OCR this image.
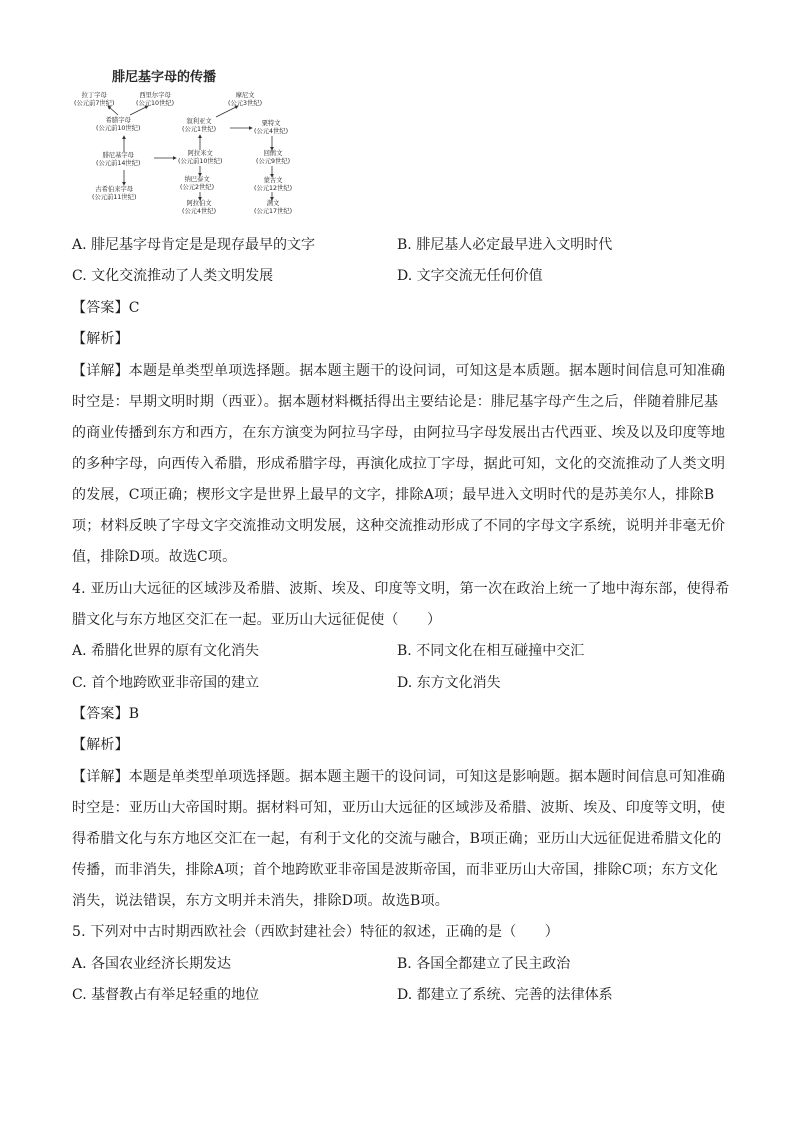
腓尼基字母的传播
拉丁字母
(公元前7世纪)
西里尔字母
(公元10世纪)
摩尼文
(公元3世纪)
希腊字母
(公元前10世纪)
叙利亚文
(公元1世纪)
粟特文
(公元4世纪)
腓尼基字母
(公元前14世纪)
阿拉米文
(公元前10世纪)
回鹘文
(公元9世纪)
纳巴泰文
(公元2世纪)
蒙古文
(公元12世纪)
古希伯来字母
(公元前11世纪)
阿拉伯文
(公元4世纪)
满文
(公元17世纪)
A. 腓尼基字母肯定是是现存最早的文字	B. 腓尼基人必定最早进入文明时代
C. 文化交流推动了人类文明发展	D. 文字交流无任何价值
【答案】C
【解析】
【详解】本题是单类型单项选择题。据本题主题干的设问词，可知这是本质题。据本题时间信息可知准确
时空是：早期文明时期（西亚）。据本题材料概括得出主要结论是：腓尼基字母产生之后，伴随着腓尼基
的商业传播到东方和西方，在东方演变为阿拉马字母，由阿拉马字母发展出古代西亚、埃及以及印度等地
的多种字母，向西传入希腊，形成希腊字母，再演化成拉丁字母，据此可知，文化的交流推动了人类文明
的发展，C项正确；楔形文字是世界上最早的文字，排除A项；最早进入文明时代的是苏美尔人，排除B
项；材料反映了字母文字交流推动文明发展，这种交流推动形成了不同的字母文字系统，说明并非毫无价
值，排除D项。故选C项。
4. 亚历山大远征的区域涉及希腊、波斯、埃及、印度等文明，第一次在政治上统一了地中海东部，使得希
腊文化与东方地区交汇在一起。亚历山大远征促使（　　）
A. 希腊化世界的原有文化消失	B. 不同文化在相互碰撞中交汇
C. 首个地跨欧亚非帝国的建立	D. 东方文化消失
【答案】B
【解析】
【详解】本题是单类型单项选择题。据本题主题干的设问词，可知这是影响题。据本题时间信息可知准确
时空是：亚历山大帝国时期。据材料可知，亚历山大远征的区域涉及希腊、波斯、埃及、印度等文明，使
得希腊文化与东方地区交汇在一起，有利于文化的交流与融合，B项正确；亚历山大远征促进希腊文化的
传播，而非消失，排除A项；首个地跨欧亚非帝国是波斯帝国，而非亚历山大帝国，排除C项；东方文化
消失，说法错误，东方文明并未消失，排除D项。故选B项。
5. 下列对中古时期西欧社会（西欧封建社会）特征的叙述，正确的是（　　）
A. 各国农业经济长期发达	B. 各国全都建立了民主政治
C. 基督教占有举足轻重的地位	D. 都建立了系统、完善的法律体系
